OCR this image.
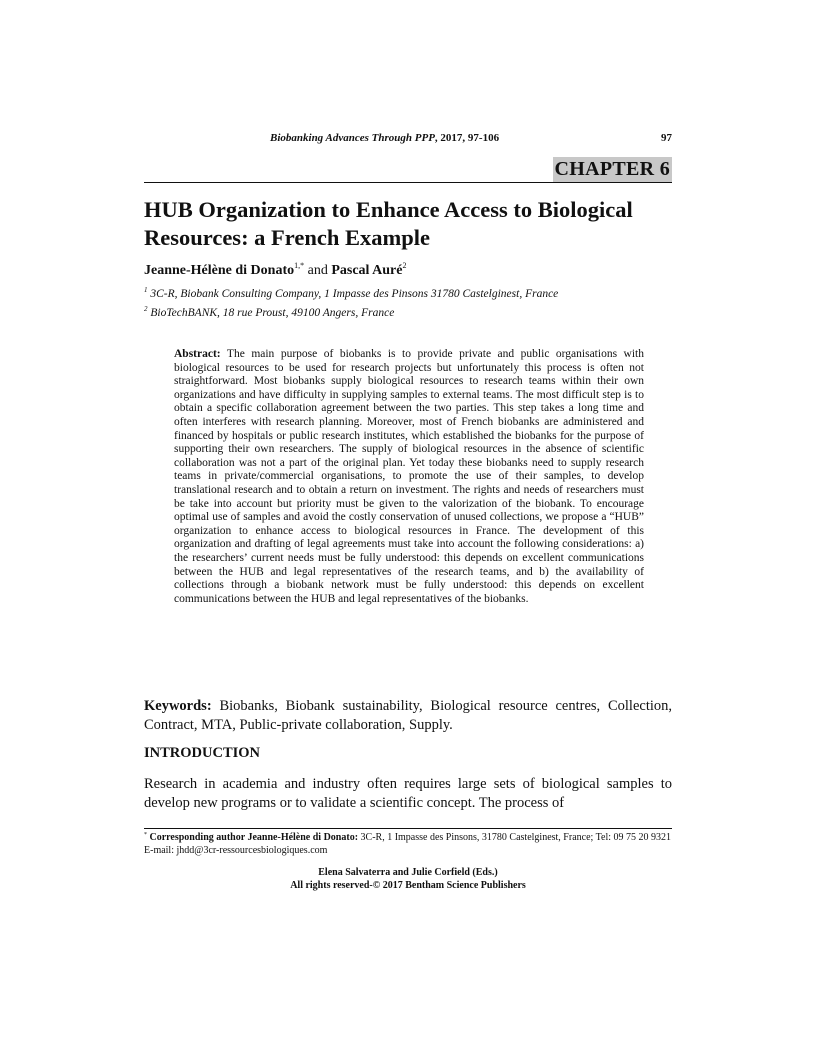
Biobanking Advances Through PPP, 2017, 97-106	97
CHAPTER 6
HUB Organization to Enhance Access to Biological Resources: a French Example
Jeanne-Hélène di Donato$^{1,*}$ and Pascal Auré$^2$
$^1$ 3C-R, Biobank Consulting Company, 1 Impasse des Pinsons 31780 Castelginest, France
$^2$ BioTechBANK, 18 rue Proust, 49100 Angers, France

Abstract: The main purpose of biobanks is to provide private and public organisations with biological resources to be used for research projects but unfortunately this process is often not straightforward. Most biobanks supply biological resources to research teams within their own organizations and have difficulty in supplying samples to external teams. The most difficult step is to obtain a specific collaboration agreement between the two parties. This step takes a long time and often interferes with research planning. Moreover, most of French biobanks are administered and financed by hospitals or public research institutes, which established the biobanks for the purpose of supporting their own researchers. The supply of biological resources in the absence of scientific collaboration was not a part of the original plan. Yet today these biobanks need to supply research teams in private/commercial organisations, to promote the use of their samples, to develop translational research and to obtain a return on investment. The rights and needs of researchers must be take into account but priority must be given to the valorization of the biobank. To encourage optimal use of samples and avoid the costly conservation of unused collections, we propose a “HUB” organization to enhance access to biological resources in France. The development of this organization and drafting of legal agreements must take into account the following considerations: a) the researchers’ current needs must be fully understood: this depends on excellent communications between the HUB and legal representatives of the research teams, and b) the availability of collections through a biobank network must be fully understood: this depends on excellent communications between the HUB and legal representatives of the biobanks.

Keywords: Biobanks, Biobank sustainability, Biological resource centres, Collection, Contract, MTA, Public-private collaboration, Supply.

INTRODUCTION

Research in academia and industry often requires large sets of biological samples to develop new programs or to validate a scientific concept. The process of

* Corresponding author Jeanne-Hélène di Donato: 3C-R, 1 Impasse des Pinsons, 31780 Castelginest, France; Tel: 09 75 20 9321 E-mail: jhdd@3cr-ressourcesbiologiques.com

Elena Salvaterra and Julie Corfield (Eds.)
All rights reserved-© 2017 Bentham Science Publishers
